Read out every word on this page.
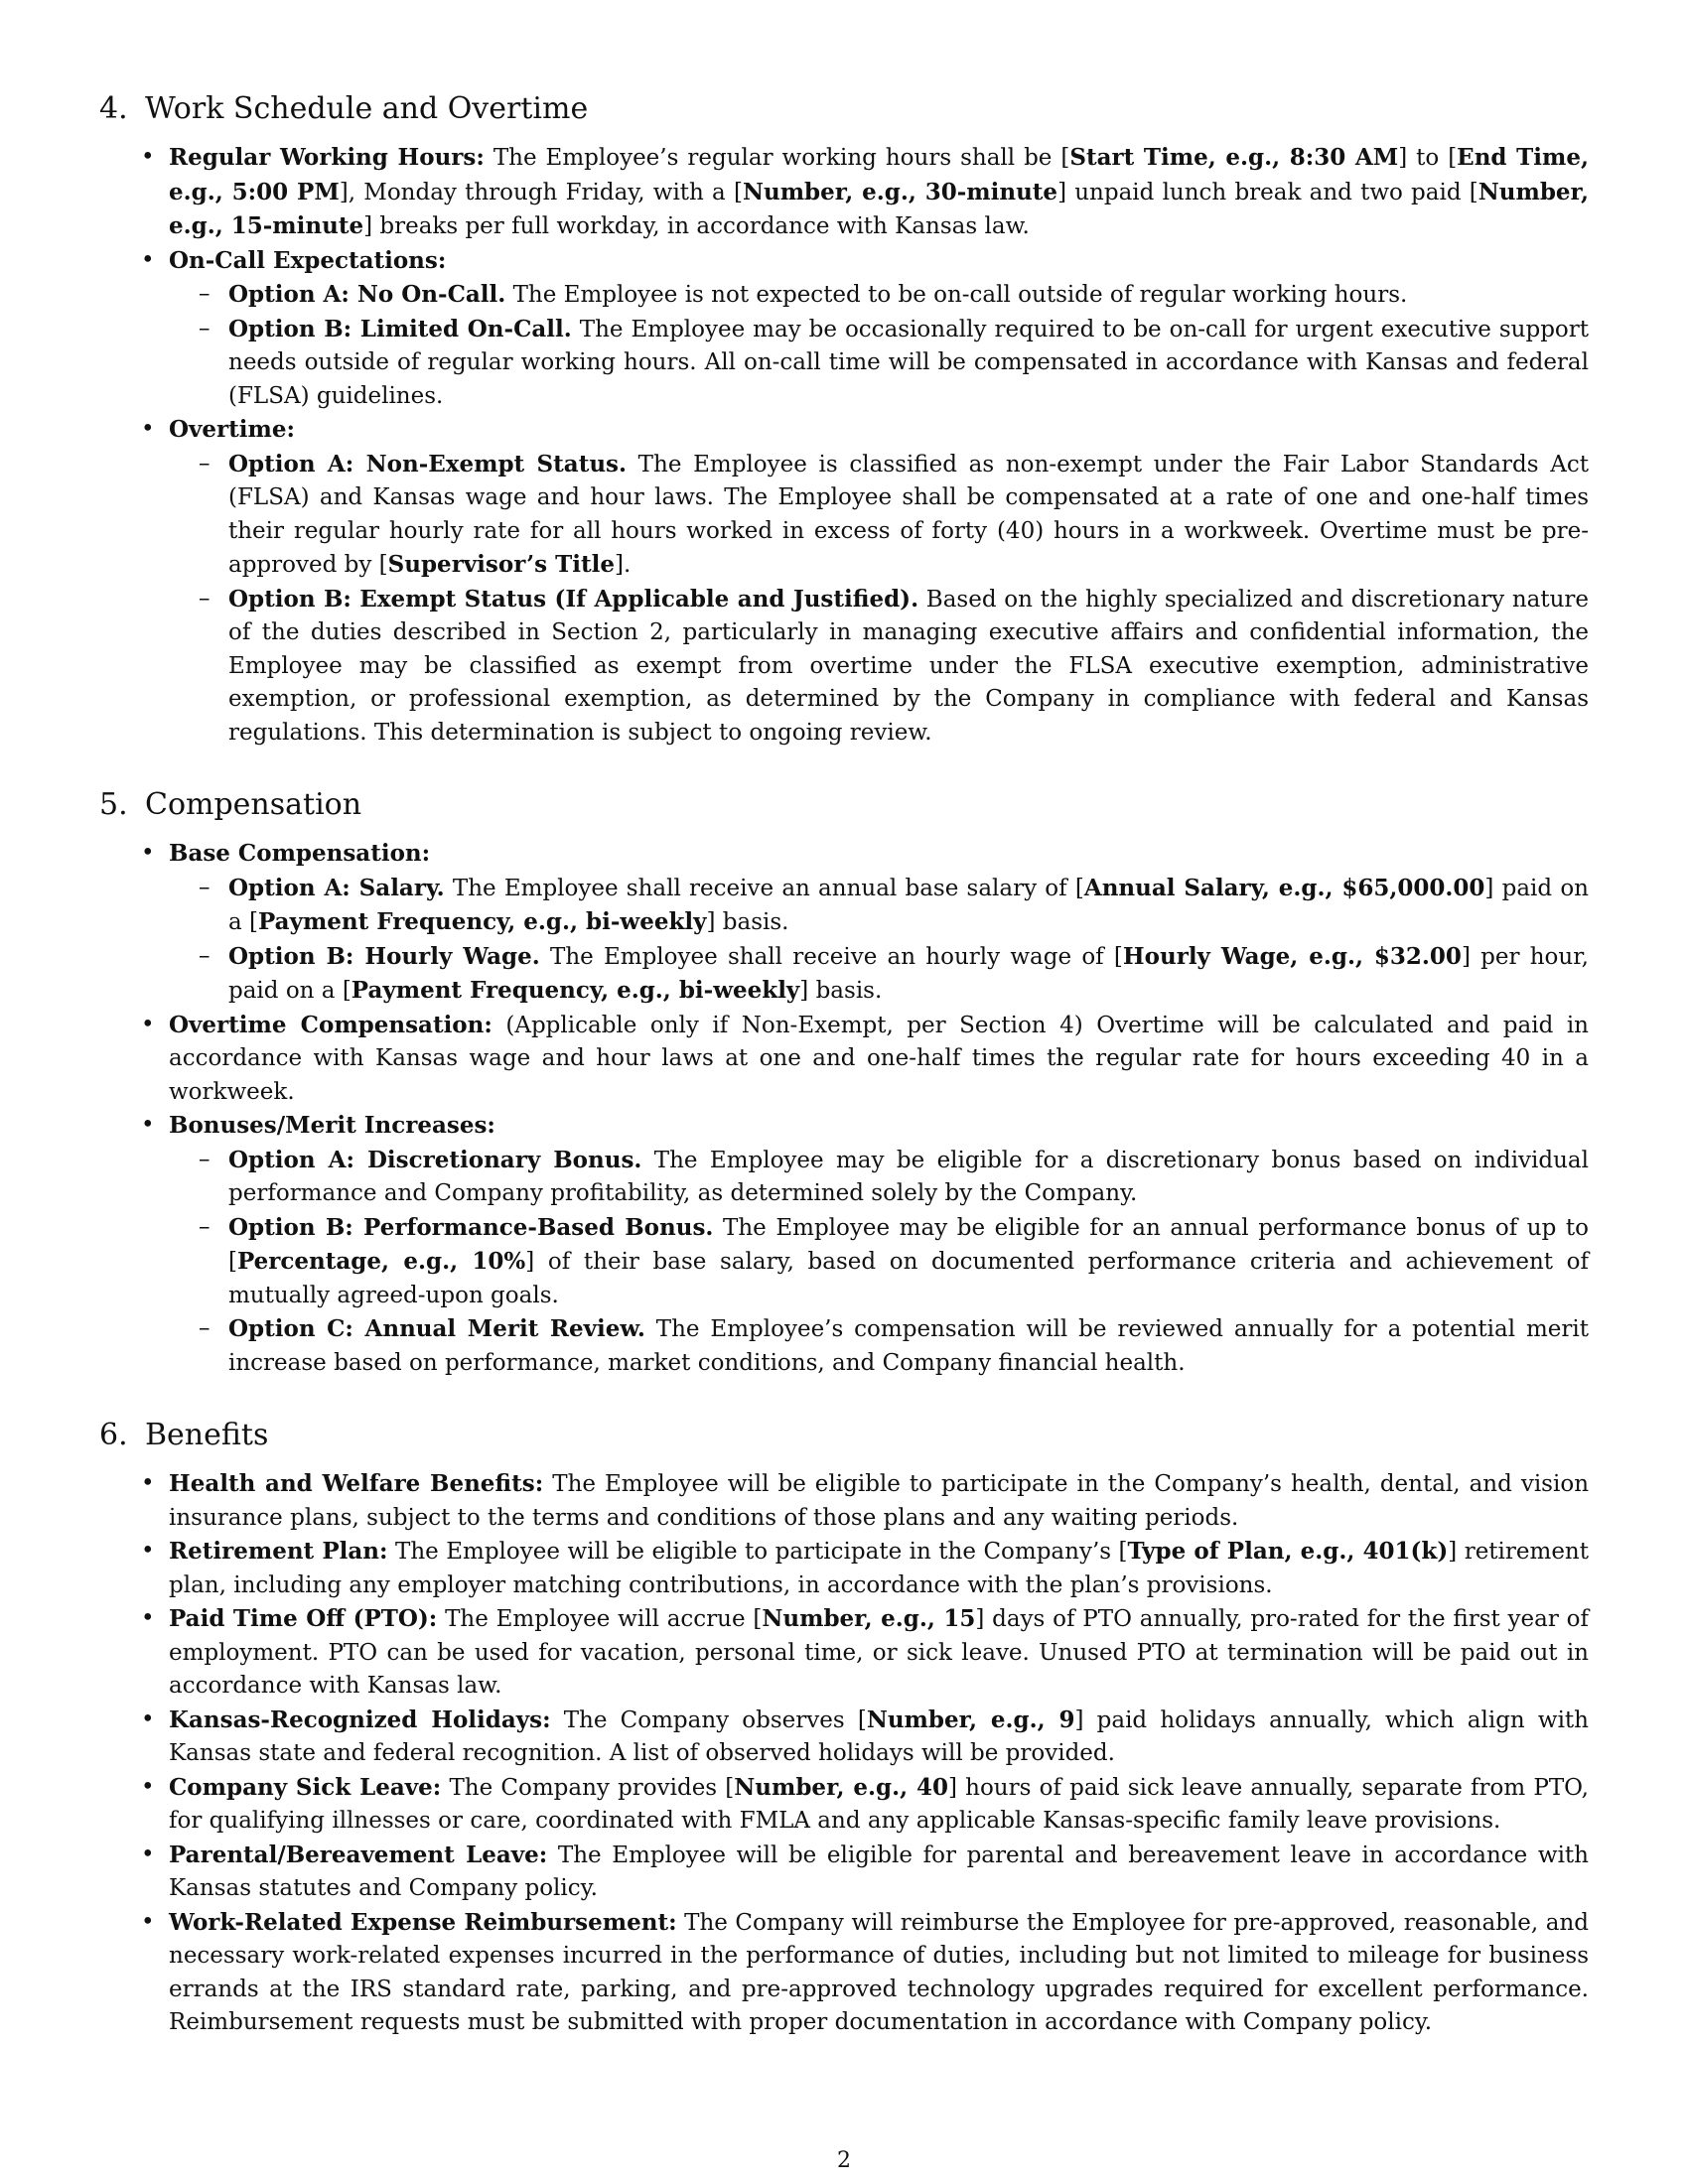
4. Work Schedule and Overtime
• Regular Working Hours: The Employee’s regular working hours shall be [Start Time, e.g., 8:30 AM] to [End Time, e.g., 5:00 PM], Monday through Friday, with a [Number, e.g., 30-minute] unpaid lunch break and two paid [Number, e.g., 15-minute] breaks per full workday, in accordance with Kansas law.
• On-Call Expectations:
– Option A: No On-Call. The Employee is not expected to be on-call outside of regular working hours.
– Option B: Limited On-Call. The Employee may be occasionally required to be on-call for urgent executive support needs outside of regular working hours. All on-call time will be compensated in accordance with Kansas and federal (FLSA) guidelines.
• Overtime:
– Option A: Non-Exempt Status. The Employee is classified as non-exempt under the Fair Labor Standards Act (FLSA) and Kansas wage and hour laws. The Employee shall be compensated at a rate of one and one-half times their regular hourly rate for all hours worked in excess of forty (40) hours in a workweek. Overtime must be pre-approved by [Supervisor’s Title].
– Option B: Exempt Status (If Applicable and Justified). Based on the highly specialized and discretionary nature of the duties described in Section 2, particularly in managing executive affairs and confidential information, the Employee may be classified as exempt from overtime under the FLSA executive exemption, administrative exemption, or professional exemption, as determined by the Company in compliance with federal and Kansas regulations. This determination is subject to ongoing review.
5. Compensation
• Base Compensation:
– Option A: Salary. The Employee shall receive an annual base salary of [Annual Salary, e.g., $65,000.00] paid on a [Payment Frequency, e.g., bi-weekly] basis.
– Option B: Hourly Wage. The Employee shall receive an hourly wage of [Hourly Wage, e.g., $32.00] per hour, paid on a [Payment Frequency, e.g., bi-weekly] basis.
• Overtime Compensation: (Applicable only if Non-Exempt, per Section 4) Overtime will be calculated and paid in accordance with Kansas wage and hour laws at one and one-half times the regular rate for hours exceeding 40 in a workweek.
• Bonuses/Merit Increases:
– Option A: Discretionary Bonus. The Employee may be eligible for a discretionary bonus based on individual performance and Company profitability, as determined solely by the Company.
– Option B: Performance-Based Bonus. The Employee may be eligible for an annual performance bonus of up to [Percentage, e.g., 10%] of their base salary, based on documented performance criteria and achievement of mutually agreed-upon goals.
– Option C: Annual Merit Review. The Employee’s compensation will be reviewed annually for a potential merit increase based on performance, market conditions, and Company financial health.
6. Benefits
• Health and Welfare Benefits: The Employee will be eligible to participate in the Company’s health, dental, and vision insurance plans, subject to the terms and conditions of those plans and any waiting periods.
• Retirement Plan: The Employee will be eligible to participate in the Company’s [Type of Plan, e.g., 401(k)] retirement plan, including any employer matching contributions, in accordance with the plan’s provisions.
• Paid Time Off (PTO): The Employee will accrue [Number, e.g., 15] days of PTO annually, pro-rated for the first year of employment. PTO can be used for vacation, personal time, or sick leave. Unused PTO at termination will be paid out in accordance with Kansas law.
• Kansas-Recognized Holidays: The Company observes [Number, e.g., 9] paid holidays annually, which align with Kansas state and federal recognition. A list of observed holidays will be provided.
• Company Sick Leave: The Company provides [Number, e.g., 40] hours of paid sick leave annually, separate from PTO, for qualifying illnesses or care, coordinated with FMLA and any applicable Kansas-specific family leave provisions.
• Parental/Bereavement Leave: The Employee will be eligible for parental and bereavement leave in accordance with Kansas statutes and Company policy.
• Work-Related Expense Reimbursement: The Company will reimburse the Employee for pre-approved, reasonable, and necessary work-related expenses incurred in the performance of duties, including but not limited to mileage for business errands at the IRS standard rate, parking, and pre-approved technology upgrades required for excellent performance. Reimbursement requests must be submitted with proper documentation in accordance with Company policy.
2
